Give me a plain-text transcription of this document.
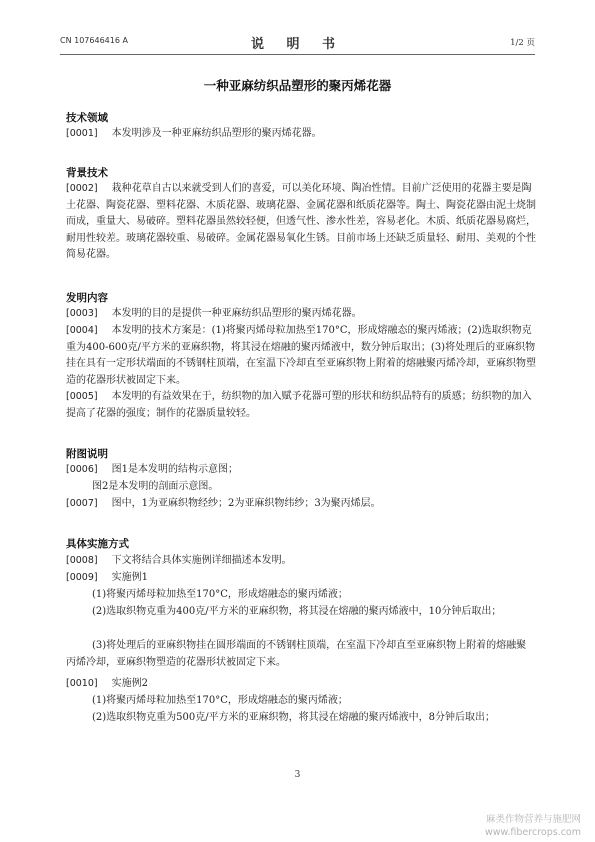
CN 107646416 A	说 明 书	1/2 页
一种亚麻纺织品塑形的聚丙烯花器
技术领域
[0001] 本发明涉及一种亚麻纺织品塑形的聚丙烯花器。
背景技术
[0002] 栽种花草自古以来就受到人们的喜爱，可以美化环境、陶冶性情。目前广泛使用的花器主要是陶土花器、陶瓷花器、塑料花器、木质花器、玻璃花器、金属花器和纸质花器等。陶土、陶瓷花器由泥土烧制而成，重量大、易破碎。塑料花器虽然较轻便，但透气性、渗水性差，容易老化。木质、纸质花器易腐烂，耐用性较差。玻璃花器较重、易破碎。金属花器易氧化生锈。目前市场上还缺乏质量轻、耐用、美观的个性简易花器。
发明内容
[0003] 本发明的目的是提供一种亚麻纺织品塑形的聚丙烯花器。
[0004] 本发明的技术方案是：(1)将聚丙烯母粒加热至170°C，形成熔融态的聚丙烯液；(2)选取织物克重为400-600克/平方米的亚麻织物，将其浸在熔融的聚丙烯液中，数分钟后取出；(3)将处理后的亚麻织物挂在具有一定形状端面的不锈钢柱顶端，在室温下冷却直至亚麻织物上附着的熔融聚丙烯冷却，亚麻织物塑造的花器形状被固定下来。
[0005] 本发明的有益效果在于，纺织物的加入赋予花器可塑的形状和纺织品特有的质感；纺织物的加入提高了花器的强度；制作的花器质量较轻。
附图说明
[0006] 图1是本发明的结构示意图；
图2是本发明的剖面示意图。
[0007] 图中，1为亚麻织物经纱；2为亚麻织物纬纱；3为聚丙烯层。
具体实施方式
[0008] 下文将结合具体实施例详细描述本发明。
[0009] 实施例1
(1)将聚丙烯母粒加热至170°C，形成熔融态的聚丙烯液；
(2)选取织物克重为400克/平方米的亚麻织物，将其浸在熔融的聚丙烯液中，10分钟后取出；
(3)将处理后的亚麻织物挂在圆形端面的不锈钢柱顶端，在室温下冷却直至亚麻织物上附着的熔融聚丙烯冷却，亚麻织物塑造的花器形状被固定下来。
[0010] 实施例2
(1)将聚丙烯母粒加热至170°C，形成熔融态的聚丙烯液；
(2)选取织物克重为500克/平方米的亚麻织物，将其浸在熔融的聚丙烯液中，8分钟后取出；
3
麻类作物营养与施肥网
www.fibercrops.com
